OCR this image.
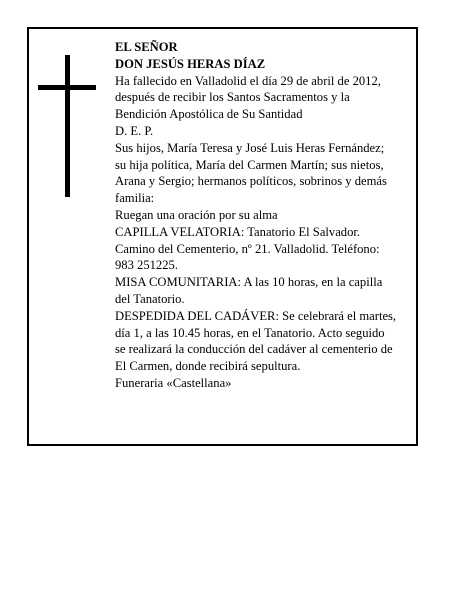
EL SEÑOR
DON JESÚS HERAS DÍAZ
Ha fallecido en Valladolid el día 29 de abril de 2012,
después de recibir los Santos Sacramentos y la
Bendición Apostólica de Su Santidad
D. E. P.
Sus hijos, María Teresa y José Luis Heras Fernández;
su hija política, María del Carmen Martín; sus nietos,
Arana y Sergio; hermanos políticos, sobrinos y demás
familia:
Ruegan una oración por su alma
CAPILLA VELATORIA: Tanatorio El Salvador.
Camino del Cementerio, nº 21. Valladolid. Teléfono:
983 251225.
MISA COMUNITARIA: A las 10 horas, en la capilla
del Tanatorio.
DESPEDIDA DEL CADÁVER: Se celebrará el martes,
día 1, a las 10.45 horas, en el Tanatorio. Acto seguido
se realizará la conducción del cadáver al cementerio de
El Carmen, donde recibirá sepultura.
Funeraria «Castellana»
